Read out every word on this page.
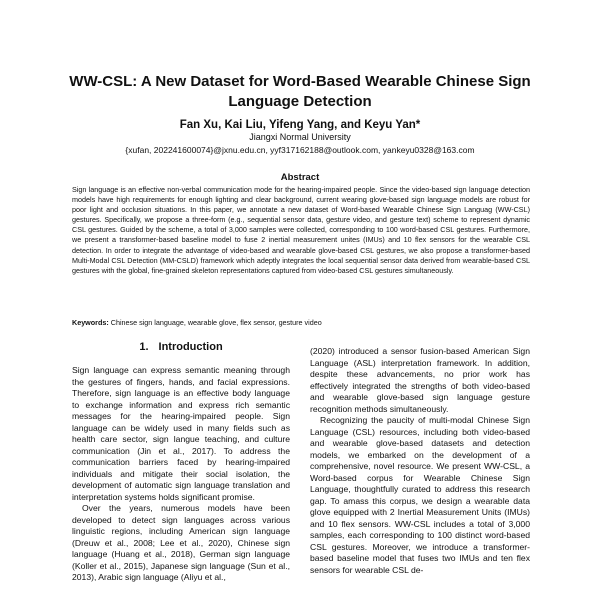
WW-CSL: A New Dataset for Word-Based Wearable Chinese Sign Language Detection
Fan Xu, Kai Liu, Yifeng Yang, and Keyu Yan*
Jiangxi Normal University
{xufan, 202241600074}@jxnu.edu.cn, yyf317162188@outlook.com, yankeyu0328@163.com
Abstract
Sign language is an effective non-verbal communication mode for the hearing-impaired people. Since the video-based sign language detection models have high requirements for enough lighting and clear background, current wearing glove-based sign language models are robust for poor light and occlusion situations. In this paper, we annotate a new dataset of Word-based Wearable Chinese Sign Languag (WW-CSL) gestures. Specifically, we propose a three-form (e.g., sequential sensor data, gesture video, and gesture text) scheme to represent dynamic CSL gestures. Guided by the scheme, a total of 3,000 samples were collected, corresponding to 100 word-based CSL gestures. Furthermore, we present a transformer-based baseline model to fuse 2 inertial measurement unites (IMUs) and 10 flex sensors for the wearable CSL detection. In order to integrate the advantage of video-based and wearable glove-based CSL gestures, we also propose a transformer-based Multi-Modal CSL Detection (MM-CSLD) framework which adeptly integrates the local sequential sensor data derived from wearable-based CSL gestures with the global, fine-grained skeleton representations captured from video-based CSL gestures simultaneously.
Keywords: Chinese sign language, wearable glove, flex sensor, gesture video
1. Introduction

Sign language can express semantic meaning through the gestures of fingers, hands, and facial expressions. Therefore, sign language is an effective body language to exchange information and express rich semantic messages for the hearing-impaired people. Sign language can be widely used in many fields such as health care sector, sign langue teaching, and culture communication (Jin et al., 2017). To address the communication barriers faced by hearing-impaired individuals and mitigate their social isolation, the development of automatic sign language translation and interpretation systems holds significant promise.

Over the years, numerous models have been developed to detect sign languages across various linguistic regions, including American sign language (Dreuw et al., 2008; Lee et al., 2020), Chinese sign language (Huang et al., 2018), German sign language (Koller et al., 2015), Japanese sign language (Sun et al., 2013), Arabic sign language (Aliyu et al.,

(2020) introduced a sensor fusion-based American Sign Language (ASL) interpretation framework. In addition, despite these advancements, no prior work has effectively integrated the strengths of both video-based and wearable glove-based sign language gesture recognition methods simultaneously.

Recognizing the paucity of multi-modal Chinese Sign Language (CSL) resources, including both video-based and wearable glove-based datasets and detection models, we embarked on the development of a comprehensive, novel resource. We present WW-CSL, a Word-based corpus for Wearable Chinese Sign Language, thoughtfully curated to address this research gap. To amass this corpus, we design a wearable data glove equipped with 2 Inertial Measurement Units (IMUs) and 10 flex sensors. WW-CSL includes a total of 3,000 samples, each corresponding to 100 distinct word-based CSL gestures. Moreover, we introduce a transformer-based baseline model that fuses two IMUs and ten flex sensors for wearable CSL de-
